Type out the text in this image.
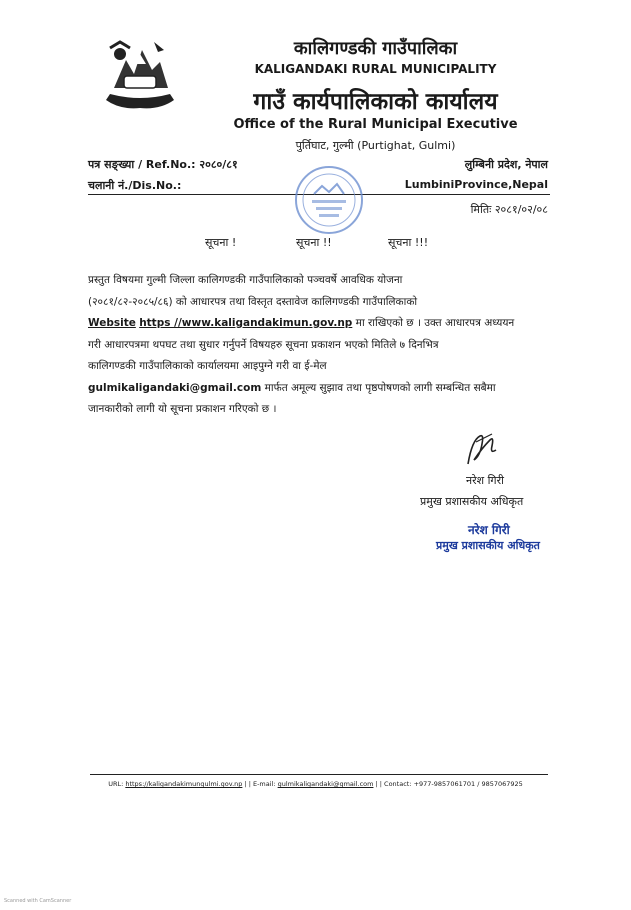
कालिगण्डकी गाउँपालिका
KALIGANDAKI RURAL MUNICIPALITY
गाउँ कार्यपालिकाको कार्यालय
Office of the Rural Municipal Executive
पुर्तिघाट, गुल्मी (Purtighat, Gulmi)
पत्र सङ्ख्या / Ref.No.: २०८०/८१
चलानी नं./Dis.No.:
लुम्बिनी प्रदेश, नेपाल
LumbiniProvince,Nepal
मितिः २०८१/०२/०८
सूचना !	सूचना !!	सूचना !!!

प्रस्तुत विषयमा गुल्मी जिल्ला कालिगण्डकी गाउँपालिकाको पञ्चवर्षे आवधिक योजना

(२०८१/८२-२०८५/८६) को आधारपत्र तथा विस्तृत दस्तावेज कालिगण्डकी गाउँपालिकाको

Website https //www.kaligandakimun.gov.np मा राखिएको छ । उक्त आधारपत्र अध्ययन

गरी आधारपत्रमा थपघट तथा सुधार गर्नुपर्ने विषयहरु सूचना प्रकाशन भएको मितिले ७ दिनभित्र

कालिगण्डकी गाउँपालिकाको कार्यालयमा आइपुग्ने गरी वा ई-मेल

gulmikaligandaki@gmail.com मार्फत अमूल्य सुझाव तथा पृष्ठपोषणको लागी सम्बन्धित सबैमा

जानकारीको लागी यो सूचना प्रकाशन गरिएको छ ।

नरेश गिरी
प्रमुख प्रशासकीय अधिकृत
नरेश गिरी
प्रमुख प्रशासकीय अधिकृत
URL: https://kaligandakimungulmi.gov.np | | E-mail: gulmikaligandaki@gmail.com | | Contact: +977-9857061701 / 9857067925
Scanned with CamScanner
